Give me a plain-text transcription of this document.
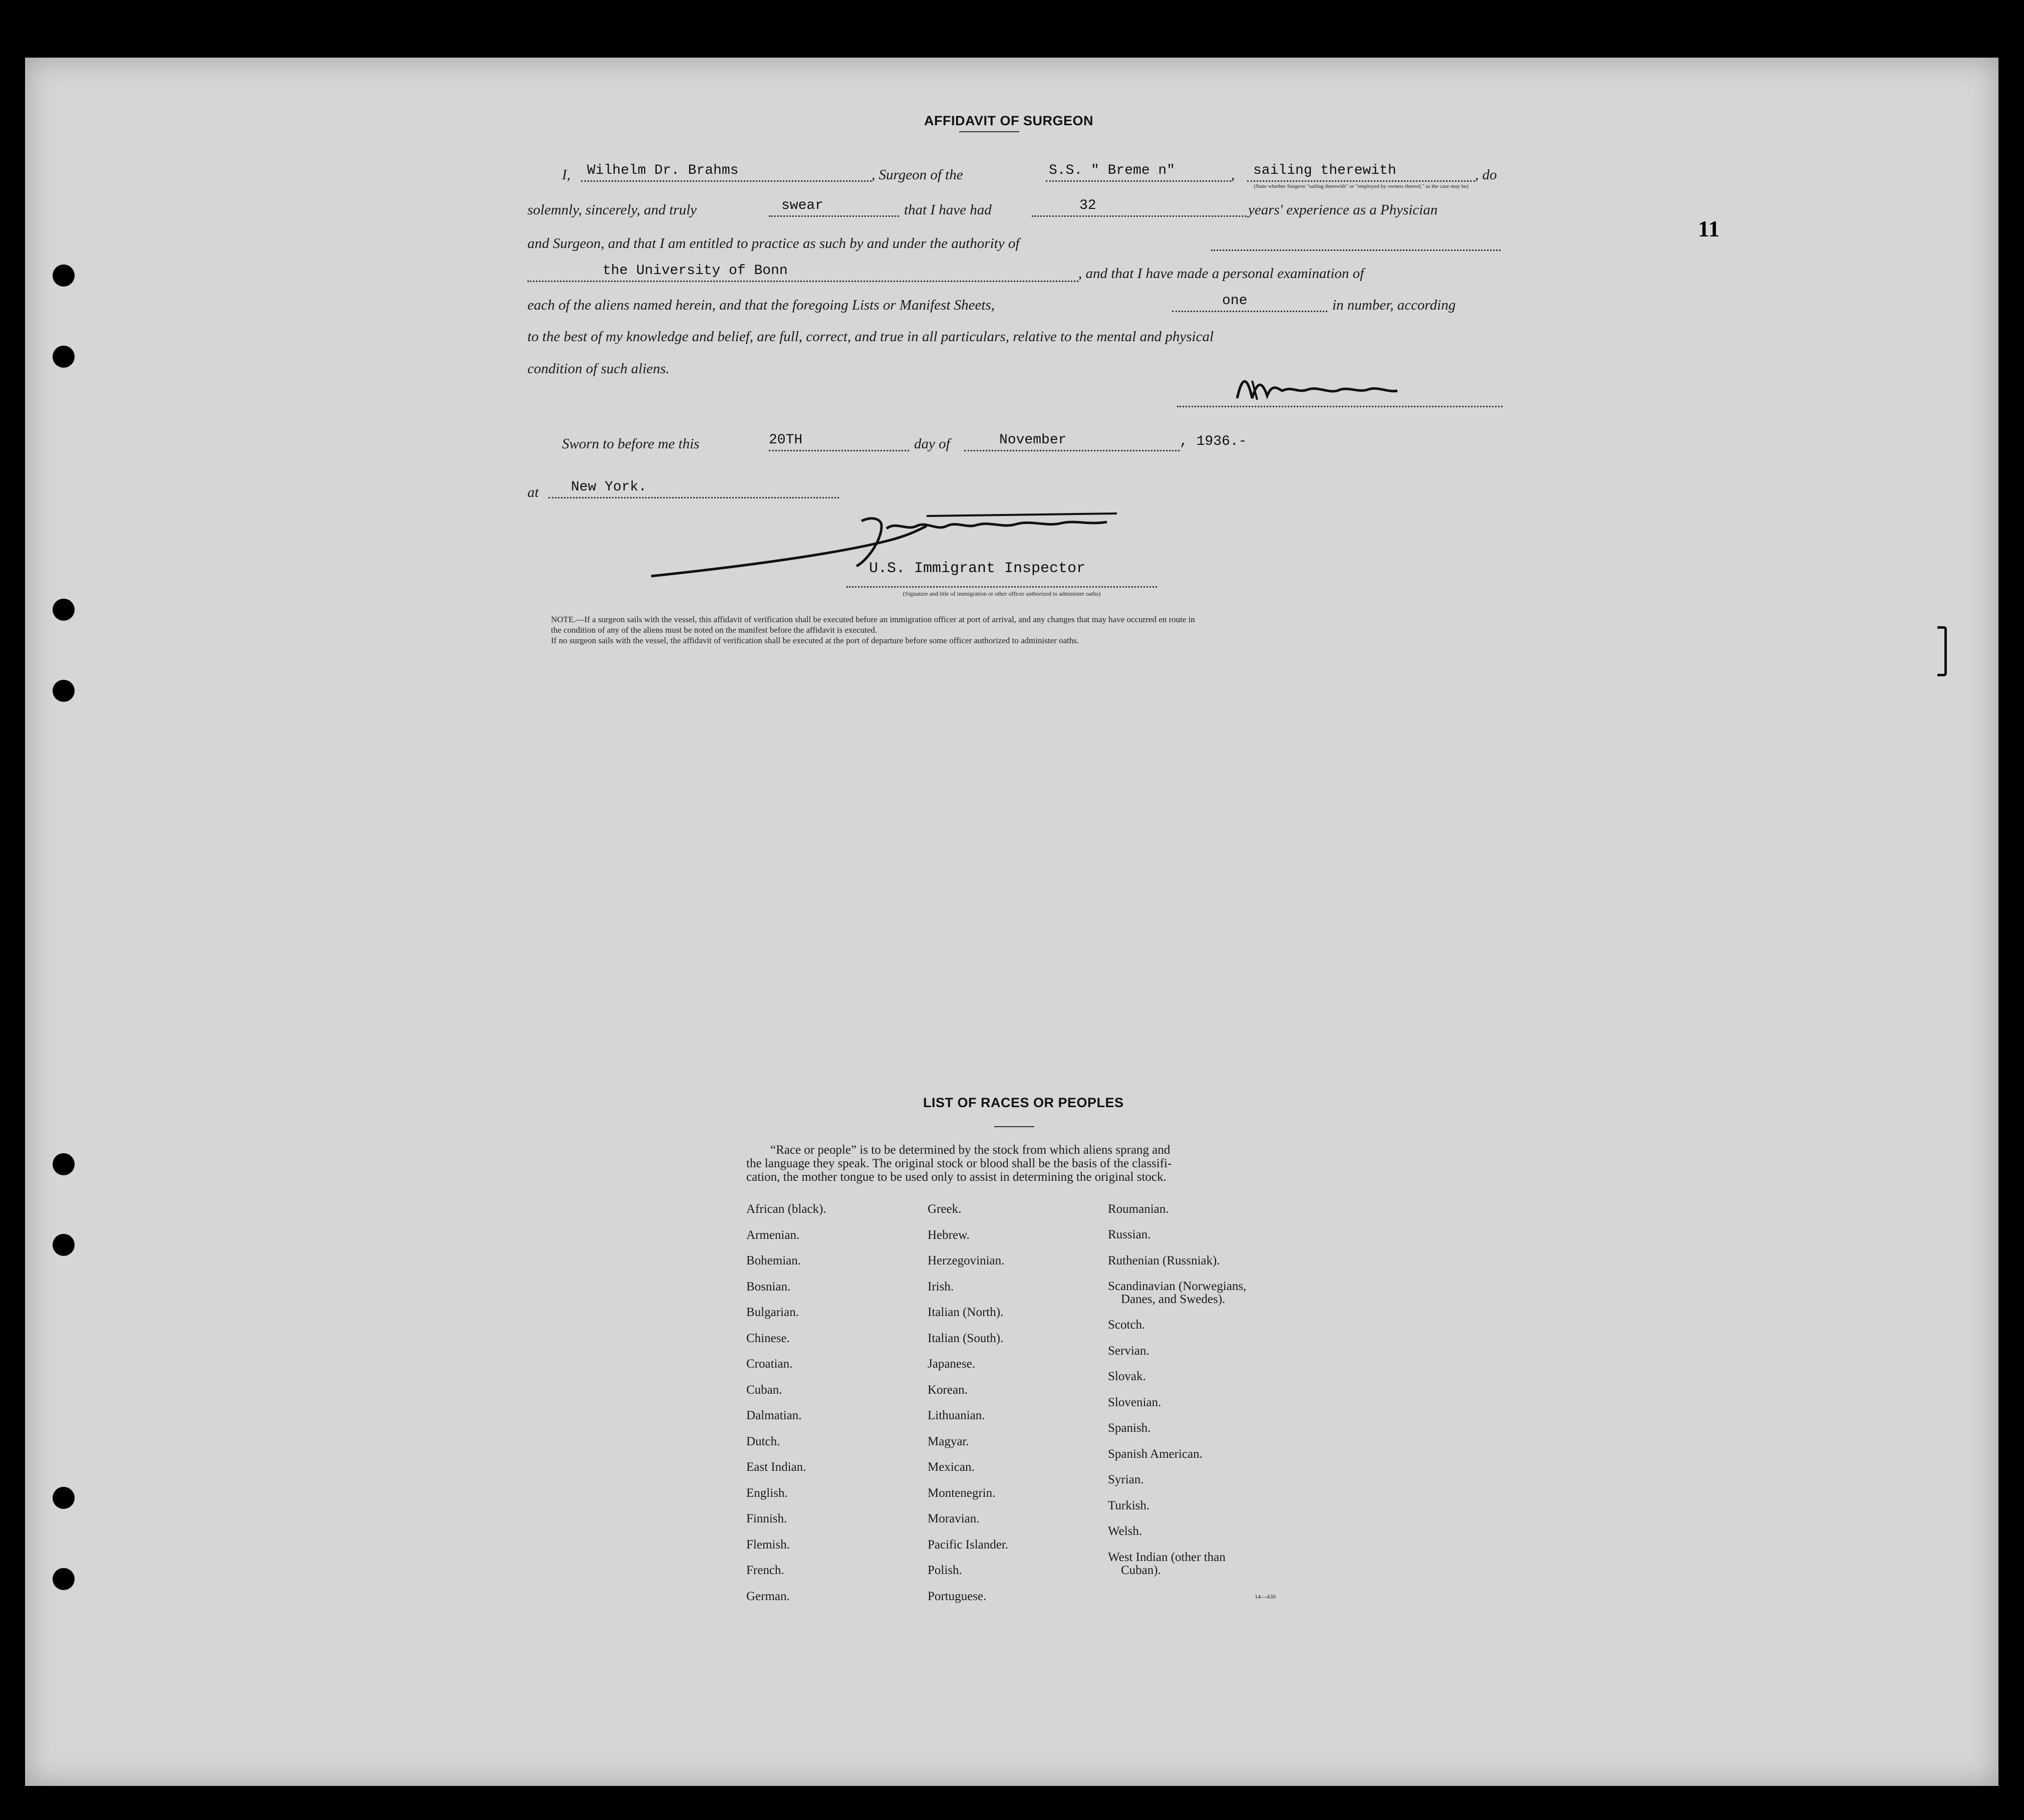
11
AFFIDAVIT OF SURGEON
I, Wilhelm Dr. Brahms	, Surgeon of the	S.S. " Breme n"	, sailing therewith	, do
(State whether Surgeon "sailing therewith" or "employed by owners thereof," as the case may be)
solemnly, sincerely, and truly	swear	that I have had	32	years' experience as a Physician
and Surgeon, and that I am entitled to practice as such by and under the authority of
the University of Bonn	, and that I have made a personal examination of
each of the aliens named herein, and that the foregoing Lists or Manifest Sheets,	one	in number, according
to the best of my knowledge and belief, are full, correct, and true in all particulars, relative to the mental and physical
condition of such aliens.
Sworn to before me this	20TH	day of	November	, 1936.-
at New York.
U.S. Immigrant Inspector
(Signature and title of immigration or other officer authorized to administer oaths)
NOTE.—If a surgeon sails with the vessel, this affidavit of verification shall be executed before an immigration officer at port of arrival, and any changes that may have occurred en route in
the condition of any of the aliens must be noted on the manifest before the affidavit is executed.
If no surgeon sails with the vessel, the affidavit of verification shall be executed at the port of departure before some officer authorized to administer oaths.
LIST OF RACES OR PEOPLES
“Race or people” is to be determined by the stock from which aliens sprang and
the language they speak. The original stock or blood shall be the basis of the classifi-
cation, the mother tongue to be used only to assist in determining the original stock.
African (black).
Armenian.
Bohemian.
Bosnian.
Bulgarian.
Chinese.
Croatian.
Cuban.
Dalmatian.
Dutch.
East Indian.
English.
Finnish.
Flemish.
French.
German.
Greek.
Hebrew.
Herzegovinian.
Irish.
Italian (North).
Italian (South).
Japanese.
Korean.
Lithuanian.
Magyar.
Mexican.
Montenegrin.
Moravian.
Pacific Islander.
Polish.
Portuguese.
Roumanian.
Russian.
Ruthenian (Russniak).
Scandinavian (Norwegians,
Danes, and Swedes).
Scotch.
Servian.
Slovak.
Slovenian.
Spanish.
Spanish American.
Syrian.
Turkish.
Welsh.
West Indian (other than
Cuban).
14—430
